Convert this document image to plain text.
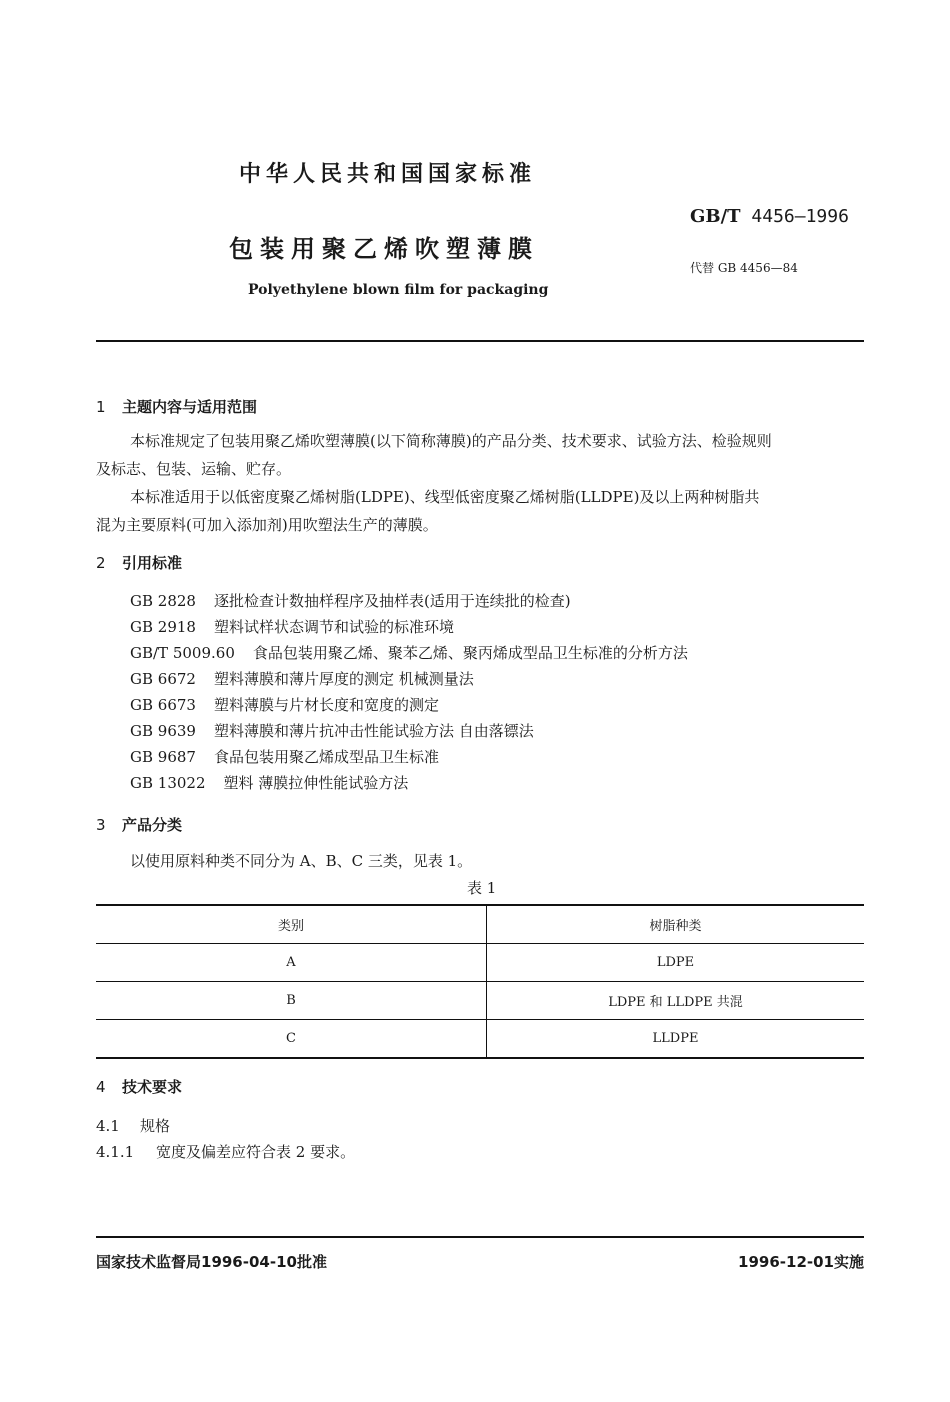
中华人民共和国国家标准
GB/T 4456—1996
包装用聚乙烯吹塑薄膜
代替 GB 4456—84
Polyethylene blown film for packaging
1 主题内容与适用范围
本标准规定了包装用聚乙烯吹塑薄膜(以下简称薄膜)的产品分类、技术要求、试验方法、检验规则
及标志、包装、运输、贮存。
本标准适用于以低密度聚乙烯树脂(LDPE)、线型低密度聚乙烯树脂(LLDPE)及以上两种树脂共
混为主要原料(可加入添加剂)用吹塑法生产的薄膜。
2 引用标准
GB 2828 逐批检查计数抽样程序及抽样表(适用于连续批的检查)
GB 2918 塑料试样状态调节和试验的标准环境
GB/T 5009.60 食品包装用聚乙烯、聚苯乙烯、聚丙烯成型品卫生标准的分析方法
GB 6672 塑料薄膜和薄片厚度的测定 机械测量法
GB 6673 塑料薄膜与片材长度和宽度的测定
GB 9639 塑料薄膜和薄片抗冲击性能试验方法 自由落镖法
GB 9687 食品包装用聚乙烯成型品卫生标准
GB 13022 塑料 薄膜拉伸性能试验方法
3 产品分类
以使用原料种类不同分为 A、B、C 三类，见表 1。
表 1
类别	树脂种类
A	LDPE
B	LDPE 和 LLDPE 共混
C	LLDPE
4 技术要求
4.1 规格
4.1.1 宽度及偏差应符合表 2 要求。
国家技术监督局1996-04-10批准	1996-12-01实施
